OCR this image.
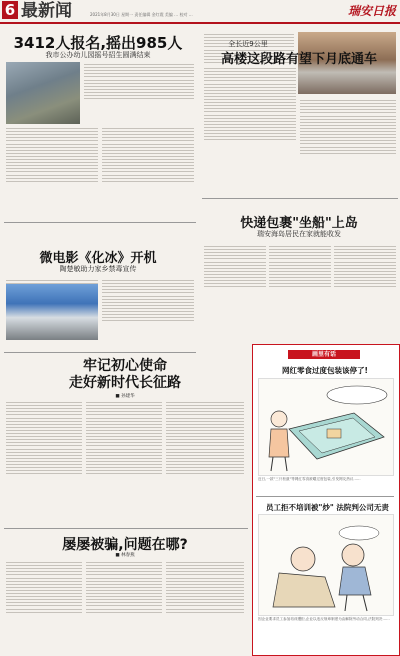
6 最新闻	2021年8月30日 星期一 责任编辑 金红霞 美编 … 校对 …	瑞安日报
3412人报名,摇出985人
我市公办幼儿园摇号招生圆满结束
微电影《化冰》开机
陶楚敏助力家乡禁毒宣传
全长近9公里
高楼这段路有望下月底通车
快递包裹"坐船"上岛
瑞安海岛居民在家就能收发
牢记初心使命
走好新时代长征路
■ 孙建华
屡屡被骗,问题在哪?
■ 林春燕
画里有话
网红零食过度包装该停了!
近日,一款"三只松鼠"等网红零食被曝过度包装,引发网友热议……
员工拒不培训被"炒" 法院判公司无责
因企业要求员工参加培训遭拒,企业以违反规章制度为由解除劳动合同,法院判决……
